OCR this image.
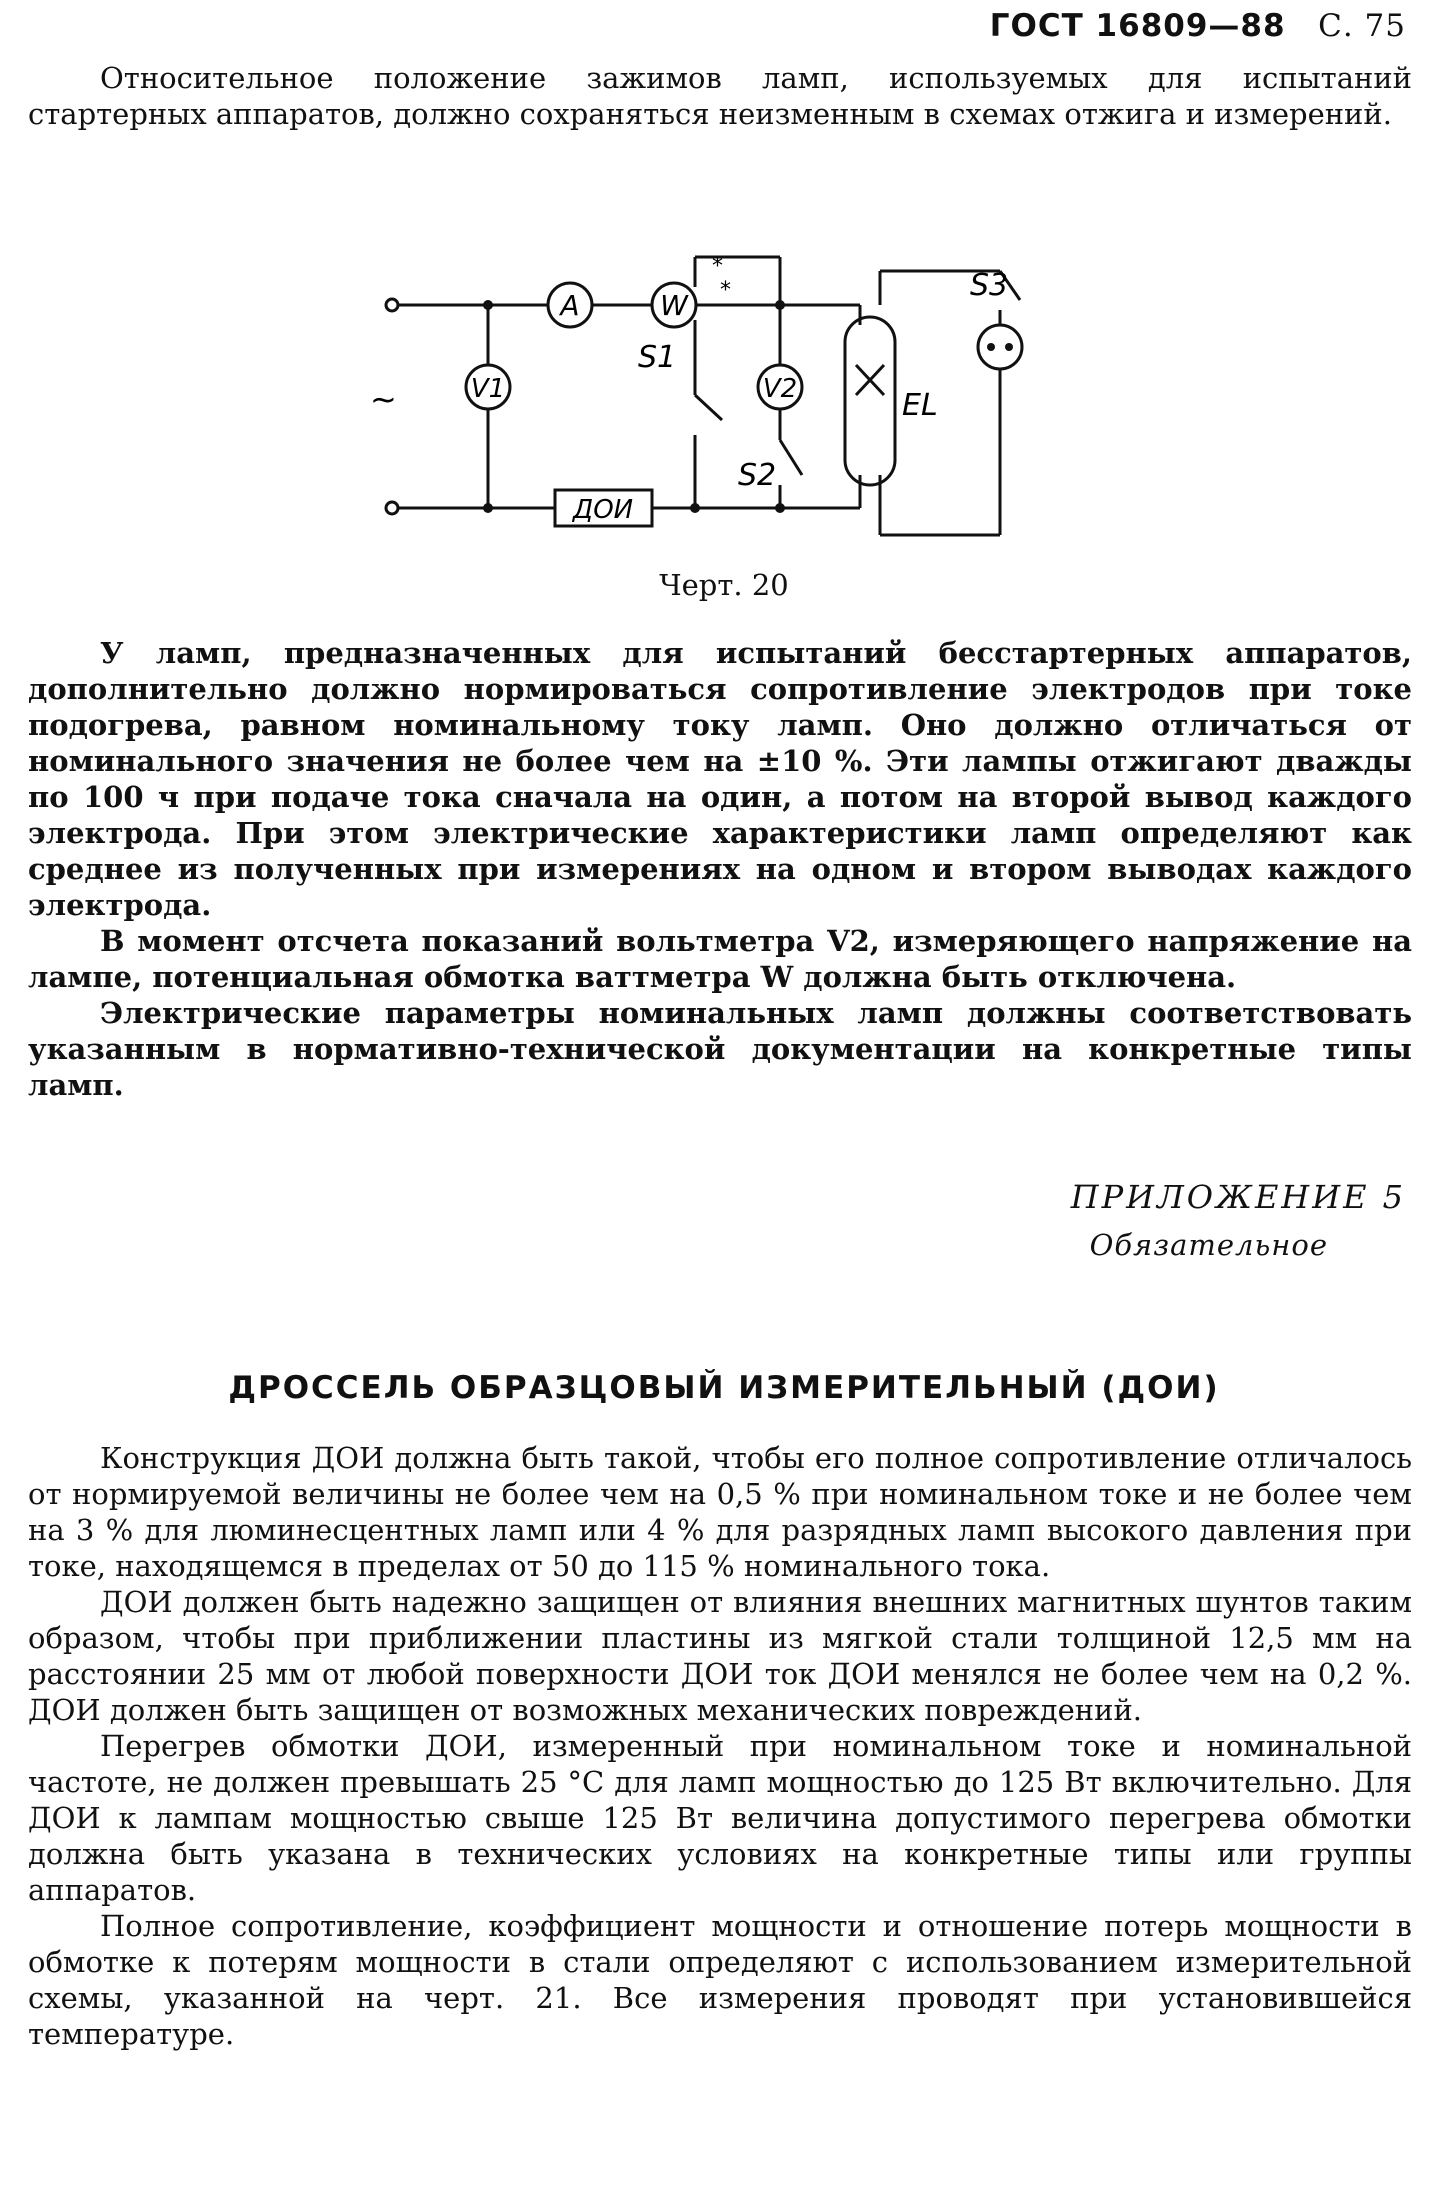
ГОСТ 16809—88 С. 75

Относительное положение зажимов ламп, используемых для испытаний стартерных аппаратов, должно сохраняться неизменным в схемах отжига и измерений.

A	W
V1	V2
S1
S2
S3
EL
ДОИ
~
*
*
Черт. 20

У ламп, предназначенных для испытаний бесстартерных аппаратов, дополнительно должно нормироваться сопротивление электродов при токе подогрева, равном номинальному току ламп. Оно должно отличаться от номинального значения не более чем на ±10 %. Эти лампы отжигают дважды по 100 ч при подаче тока сначала на один, а потом на второй вывод каждого электрода. При этом электрические характеристики ламп определяют как среднее из полученных при измерениях на одном и втором выводах каждого электрода.

В момент отсчета показаний вольтметра V2, измеряющего напряжение на лампе, потенциальная обмотка ваттметра W должна быть отключена.

Электрические параметры номинальных ламп должны соответствовать указанным в нормативно-технической документации на конкретные типы ламп.

ПРИЛОЖЕНИЕ 5
Обязательное
ДРОССЕЛЬ ОБРАЗЦОВЫЙ ИЗМЕРИТЕЛЬНЫЙ (ДОИ)

Конструкция ДОИ должна быть такой, чтобы его полное сопротивление отличалось от нормируемой величины не более чем на 0,5 % при номинальном токе и не более чем на 3 % для люминесцентных ламп или 4 % для разрядных ламп высокого давления при токе, находящемся в пределах от 50 до 115 % номинального тока.

ДОИ должен быть надежно защищен от влияния внешних магнитных шунтов таким образом, чтобы при приближении пластины из мягкой стали толщиной 12,5 мм на расстоянии 25 мм от любой поверхности ДОИ ток ДОИ менялся не более чем на 0,2 %. ДОИ должен быть защищен от возможных механических повреждений.

Перегрев обмотки ДОИ, измеренный при номинальном токе и номинальной частоте, не должен превышать 25 °С для ламп мощностью до 125 Вт включительно. Для ДОИ к лампам мощностью свыше 125 Вт величина допустимого перегрева обмотки должна быть указана в технических условиях на конкретные типы или группы аппаратов.

Полное сопротивление, коэффициент мощности и отношение потерь мощности в обмотке к потерям мощности в стали определяют с использованием измерительной схемы, указанной на черт. 21. Все измерения проводят при установившейся температуре.
